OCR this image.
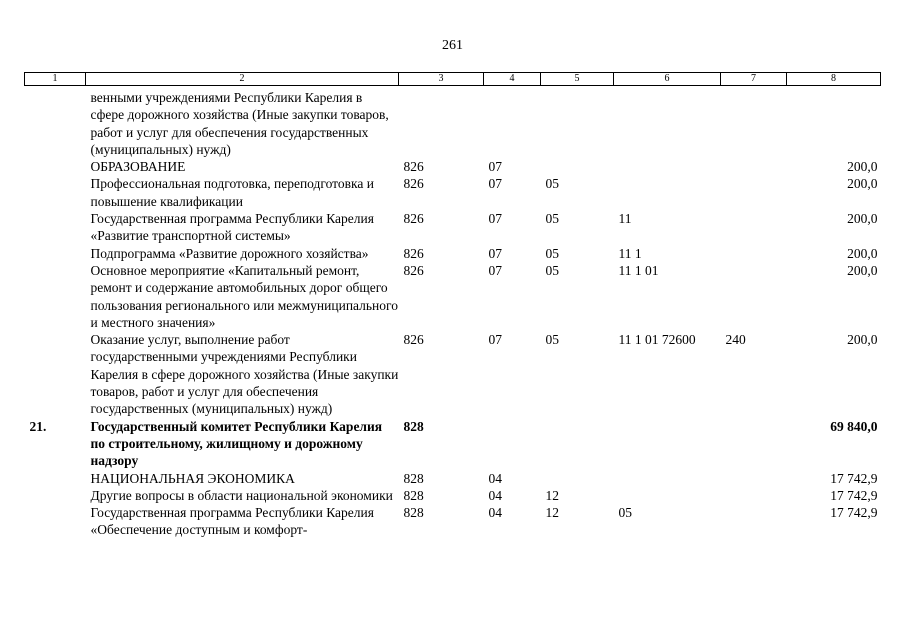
261
1	2	3	4	5	6	7	8
	венными учреждениями Республики Карелия в сфере дорожного хозяйства (Иные закупки товаров, работ и услуг для обеспечения государственных (муниципальных) нужд)						
	ОБРАЗОВАНИЕ	826	07				200,0
	Профессиональная подготовка, переподготовка и повышение квалификации	826	07	05			200,0
	Государственная программа Республики Карелия «Развитие транспортной системы»	826	07	05	11		200,0
	Подпрограмма «Развитие дорожного хозяйства»	826	07	05	11 1		200,0
	Основное мероприятие «Капитальный ремонт, ремонт и содержание автомобильных дорог общего пользования регионального или межмуниципального и местного значения»	826	07	05	11 1 01		200,0
	Оказание услуг, выполнение работ государственными учреждениями Республики Карелия в сфере дорожного хозяйства (Иные закупки товаров, работ и услуг для обеспечения государственных (муниципальных) нужд)	826	07	05	11 1 01 72600	240	200,0
21.	Государственный комитет Республики Карелия по строительному, жилищному и дорожному надзору	828					69 840,0
	НАЦИОНАЛЬНАЯ ЭКОНОМИКА	828	04				17 742,9
	Другие вопросы в области национальной экономики	828	04	12			17 742,9
	Государственная программа Республики Карелия «Обеспечение доступным и комфорт-	828	04	12	05		17 742,9
